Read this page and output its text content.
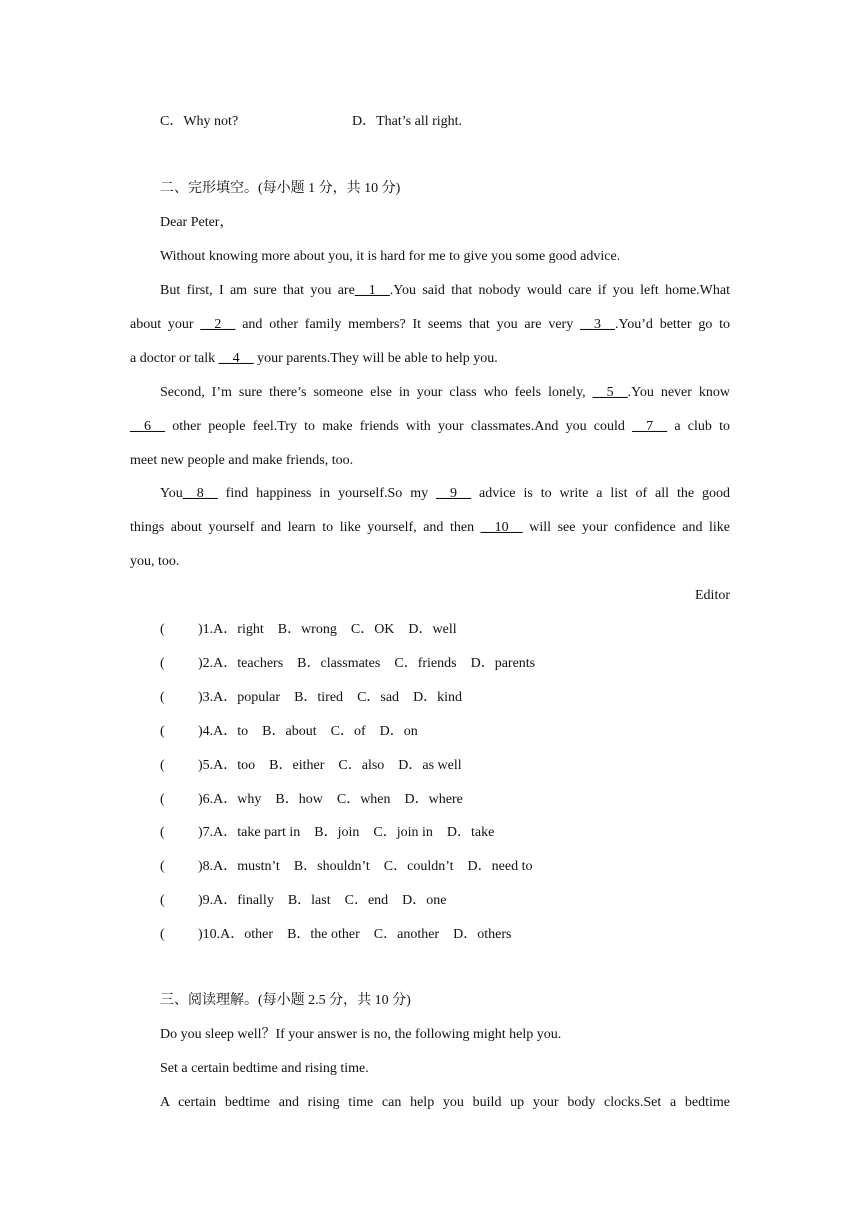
C．Why not?	D．That’s all right.
二、完形填空。(每小题 1 分，共 10 分)
Dear Peter，
Without knowing more about you, it is hard for me to give you some good advice.
But first, I am sure that you are__1__.You said that nobody would care if you left home.What
about your __2__ and other family members? It seems that you are very __3__.You’d better go to
a doctor or talk __4__ your parents.They will be able to help you.
Second, I’m sure there’s someone else in your class who feels lonely, __5__.You never know
__6__ other people feel.Try to make friends with your classmates.And you could __7__ a club to
meet new people and make friends, too.
You__8__ find happiness in yourself.So my __9__ advice is to write a list of all the good
things about yourself and learn to like yourself, and then __10__ will see your confidence and like
you, too.
Editor
( )1.A．right B．wrong C．OK D．well
( )2.A．teachers B．classmates C．friends D．parents
( )3.A．popular B．tired C．sad D．kind
( )4.A．to B．about C．of D．on
( )5.A．too B．either C．also D．as well
( )6.A．why B．how C．when D．where
( )7.A．take part in B．join C．join in D．take
( )8.A．mustn’t B．shouldn’t C．couldn’t D．need to
( )9.A．finally B．last C．end D．one
( )10.A．other B．the other C．another D．others
三、阅读理解。(每小题 2.5 分，共 10 分)
Do you sleep well？If your answer is no, the following might help you.
Set a certain bedtime and rising time.
A certain bedtime and rising time can help you build up your body clocks.Set a bedtime
